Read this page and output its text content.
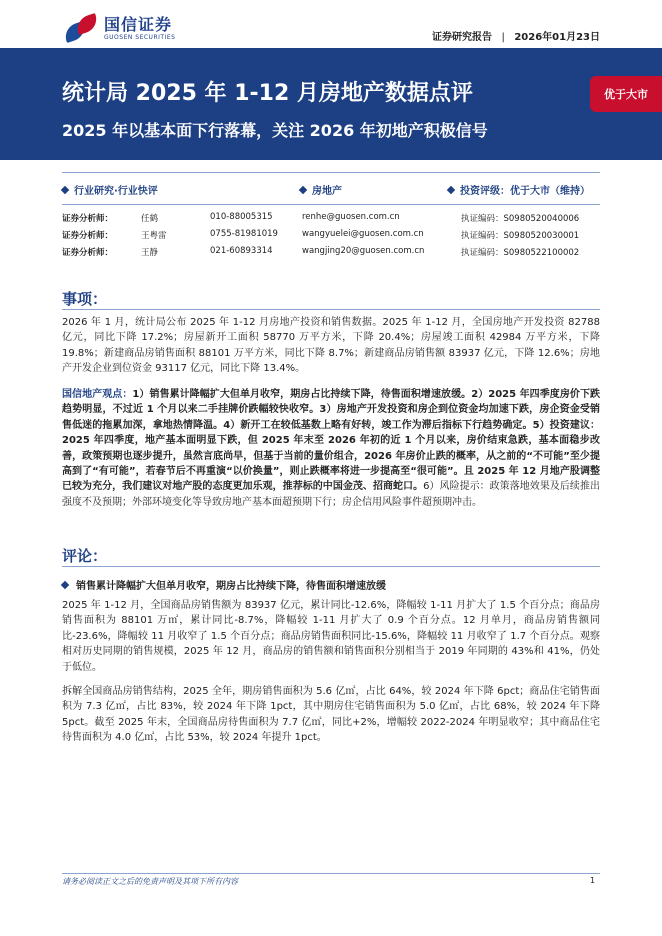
国信证券
GUOSEN SECURITIES	证券研究报告 | 2026年01月23日
统计局 2025 年 1-12 月房地产数据点评
2025 年以基本面下行落幕，关注 2026 年初地产积极信号
优于大市
行业研究·行业快评	房地产	投资评级：优于大市（维持）
证券分析师：	任鹤	010-88005315	renhe@guosen.com.cn	执证编码：S0980520040006
证券分析师：	王粤雷	0755-81981019	wangyuelei@guosen.com.cn	执证编码：S0980520030001
证券分析师：	王静	021-60893314	wangjing20@guosen.com.cn	执证编码：S0980522100002
事项：
2026 年 1 月，统计局公布 2025 年 1-12 月房地产投资和销售数据。2025 年 1-12 月，全国房地产开发投资 82788 亿元，同比下降 17.2%；房屋新开工面积 58770 万平方米，下降 20.4%；房屋竣工面积 42984 万平方米，下降 19.8%；新建商品房销售面积 88101 万平方米，同比下降 8.7%；新建商品房销售额 83937 亿元，下降 12.6%；房地产开发企业到位资金 93117 亿元，同比下降 13.4%。
国信地产观点：1）销售累计降幅扩大但单月收窄，期房占比持续下降，待售面积增速放缓。2）2025 年四季度房价下跌趋势明显，不过近 1 个月以来二手挂牌价跌幅较快收窄。3）房地产开发投资和房企到位资金均加速下跌，房企资金受销售低迷的拖累加深，拿地热情降温。4）新开工在较低基数上略有好转，竣工作为滞后指标下行趋势确定。5）投资建议：2025 年四季度，地产基本面明显下跌，但 2025 年末至 2026 年初的近 1 个月以来，房价结束急跌，基本面稳步改善，政策预期也逐步提升，虽然言底尚早，但基于当前的量价组合，2026 年房价止跌的概率，从之前的“不可能”至少提高到了“有可能”，若春节后不再重演“以价换量”，则止跌概率将进一步提高至“很可能”。且 2025 年 12 月地产股调整已较为充分，我们建议对地产股的态度更加乐观，推荐标的中国金茂、招商蛇口。6）风险提示：政策落地效果及后续推出强度不及预期；外部环境变化等导致房地产基本面超预期下行；房企信用风险事件超预期冲击。
评论：
销售累计降幅扩大但单月收窄，期房占比持续下降，待售面积增速放缓
2025 年 1-12 月，全国商品房销售额为 83937 亿元，累计同比-12.6%，降幅较 1-11 月扩大了 1.5 个百分点；商品房销售面积为 88101 万㎡，累计同比-8.7%，降幅较 1-11 月扩大了 0.9 个百分点。12 月单月，商品房销售额同比-23.6%，降幅较 11 月收窄了 1.5 个百分点；商品房销售面积同比-15.6%，降幅较 11 月收窄了 1.7 个百分点。观察相对历史同期的销售规模，2025 年 12 月，商品房的销售额和销售面积分别相当于 2019 年同期的 43%和 41%，仍处于低位。
拆解全国商品房销售结构，2025 全年，期房销售面积为 5.6 亿㎡，占比 64%，较 2024 年下降 6pct；商品住宅销售面积为 7.3 亿㎡，占比 83%，较 2024 年下降 1pct，其中期房住宅销售面积为 5.0 亿㎡，占比 68%，较 2024 年下降 5pct。截至 2025 年末，全国商品房待售面积为 7.7 亿㎡，同比+2%，增幅较 2022-2024 年明显收窄；其中商品住宅待售面积为 4.0 亿㎡，占比 53%，较 2024 年提升 1pct。
请务必阅读正文之后的免责声明及其项下所有内容	1
